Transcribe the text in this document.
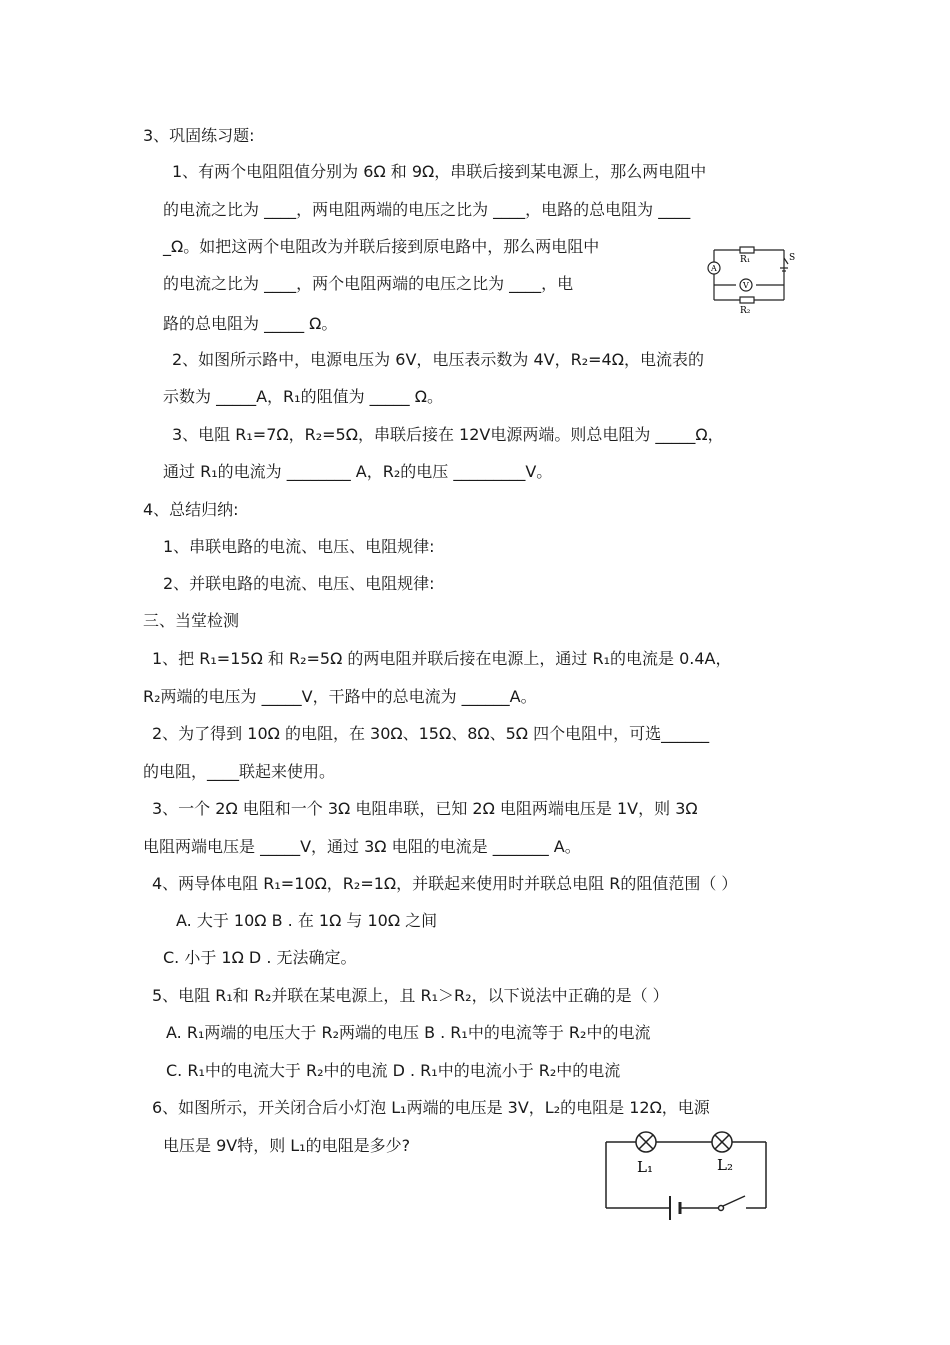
3、巩固练习题:
1、有两个电阻阻值分别为 6Ω 和 9Ω，串联后接到某电源上，那么两电阻中
的电流之比为 ____，两电阻两端的电压之比为 ____，电路的总电阻为 ____
_Ω。如把这两个电阻改为并联后接到原电路中，那么两电阻中
的电流之比为 ____，两个电阻两端的电压之比为 ____，电
路的总电阻为 _____ Ω。
2、如图所示路中，电源电压为 6V，电压表示数为 4V，R₂=4Ω，电流表的
示数为 _____A，R₁的阻值为 _____ Ω。
3、电阻 R₁=7Ω，R₂=5Ω，串联后接在 12V电源两端。则总电阻为 _____Ω，
通过 R₁的电流为 ________ A，R₂的电压 _________V。
4、总结归纳:
1、串联电路的电流、电压、电阻规律:
2、并联电路的电流、电压、电阻规律:
三、当堂检测
1、把 R₁=15Ω 和 R₂=5Ω 的两电阻并联后接在电源上，通过 R₁的电流是 0.4A，
R₂两端的电压为 _____V，干路中的总电流为 ______A。
2、为了得到 10Ω 的电阻，在 30Ω、15Ω、8Ω、5Ω 四个电阻中，可选______
的电阻，____联起来使用。
3、一个 2Ω 电阻和一个 3Ω 电阻串联，已知 2Ω 电阻两端电压是 1V，则 3Ω
电阻两端电压是 _____V，通过 3Ω 电阻的电流是 _______ A。
4、两导体电阻 R₁=10Ω，R₂=1Ω，并联起来使用时并联总电阻 R的阻值范围（ ）
A. 大于 10Ω B . 在 1Ω 与 10Ω 之间
C. 小于 1Ω D . 无法确定。
5、电阻 R₁和 R₂并联在某电源上，且 R₁＞R₂，以下说法中正确的是（ ）
A. R₁两端的电压大于 R₂两端的电压 B . R₁中的电流等于 R₂中的电流
C. R₁中的电流大于 R₂中的电流 D . R₁中的电流小于 R₂中的电流
6、如图所示，开关闭合后小灯泡 L₁两端的电压是 3V，L₂的电阻是 12Ω，电源
电压是 9V特，则 L₁的电阻是多少?
R₁
R₂
S
A
V
L₁	L₂
